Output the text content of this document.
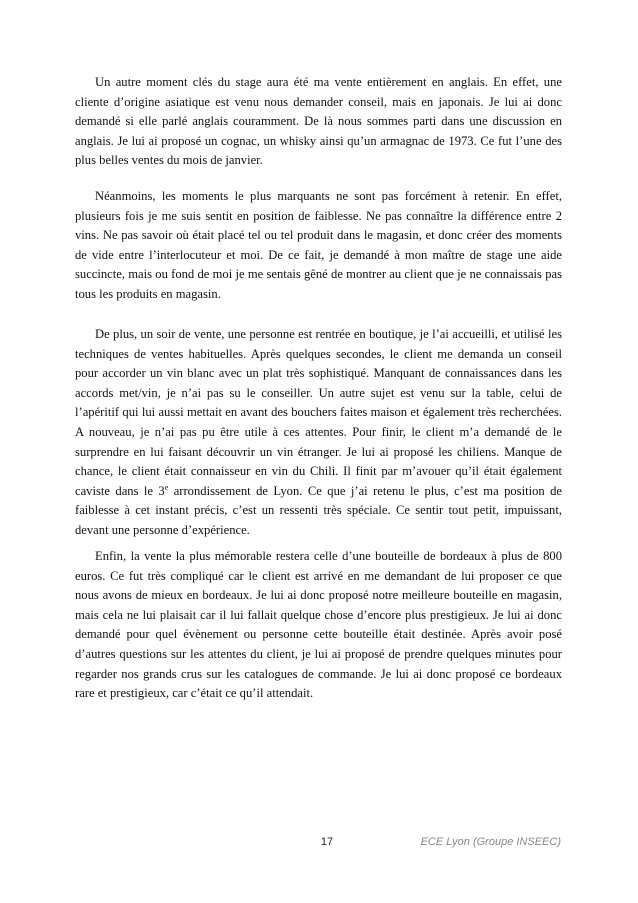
Un autre moment clés du stage aura été ma vente entièrement en anglais. En effet, une cliente d’origine asiatique est venu nous demander conseil, mais en japonais. Je lui ai donc demandé si elle parlé anglais couramment. De là nous sommes parti dans une discussion en anglais. Je lui ai proposé un cognac, un whisky ainsi qu’un armagnac de 1973. Ce fut l’une des plus belles ventes du mois de janvier.

Néanmoins, les moments le plus marquants ne sont pas forcément à retenir. En effet, plusieurs fois je me suis sentit en position de faiblesse. Ne pas connaître la différence entre 2 vins. Ne pas savoir où était placé tel ou tel produit dans le magasin, et donc créer des moments de vide entre l’interlocuteur et moi. De ce fait, je demandé à mon maître de stage une aide succincte, mais ou fond de moi je me sentais gêné de montrer au client que je ne connaissais pas tous les produits en magasin.

De plus, un soir de vente, une personne est rentrée en boutique, je l’ai accueilli, et utilisé les techniques de ventes habituelles. Après quelques secondes, le client me demanda un conseil pour accorder un vin blanc avec un plat très sophistiqué. Manquant de connaissances dans les accords met/vin, je n’ai pas su le conseiller. Un autre sujet est venu sur la table, celui de l’apéritif qui lui aussi mettait en avant des bouchers faites maison et également très recherchées. A nouveau, je n’ai pas pu être utile à ces attentes. Pour finir, le client m’a demandé de le surprendre en lui faisant découvrir un vin étranger. Je lui ai proposé les chiliens. Manque de chance, le client était connaisseur en vin du Chili. Il finit par m’avouer qu’il était également caviste dans le 3e arrondissement de Lyon. Ce que j’ai retenu le plus, c’est ma position de faiblesse à cet instant précis, c’est un ressenti très spéciale. Ce sentir tout petit, impuissant, devant une personne d’expérience.

Enfin, la vente la plus mémorable restera celle d’une bouteille de bordeaux à plus de 800 euros. Ce fut très compliqué car le client est arrivé en me demandant de lui proposer ce que nous avons de mieux en bordeaux. Je lui ai donc proposé notre meilleure bouteille en magasin, mais cela ne lui plaisait car il lui fallait quelque chose d’encore plus prestigieux. Je lui ai donc demandé pour quel évènement ou personne cette bouteille était destinée. Après avoir posé d’autres questions sur les attentes du client, je lui ai proposé de prendre quelques minutes pour regarder nos grands crus sur les catalogues de commande. Je lui ai donc proposé ce bordeaux rare et prestigieux, car c’était ce qu’il attendait.

17	ECE Lyon (Groupe INSEEC)
